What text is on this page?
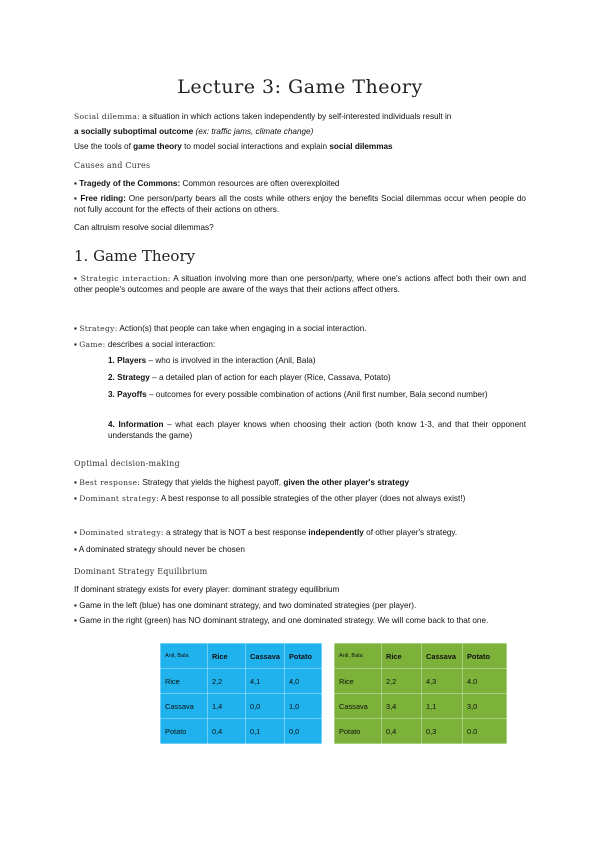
Lecture 3: Game Theory
Social dilemma: a situation in which actions taken independently by self-interested individuals result in
a socially suboptimal outcome (ex: traffic jams, climate change)
Use the tools of game theory to model social interactions and explain social dilemmas
Causes and Cures
▪ Tragedy of the Commons: Common resources are often overexploited
▪ Free riding: One person/party bears all the costs while others enjoy the benefits Social dilemmas occur when people do not fully account for the effects of their actions on others.
Can altruism resolve social dilemmas?
1. Game Theory
▪ Strategic interaction: A situation involving more than one person/party, where one's actions affect both their own and other people's outcomes and people are aware of the ways that their actions affect others.
▪ Strategy: Action(s) that people can take when engaging in a social interaction.
▪ Game: describes a social interaction:
1. Players – who is involved in the interaction (Anil, Bala)
2. Strategy – a detailed plan of action for each player (Rice, Cassava, Potato)
3. Payoffs – outcomes for every possible combination of actions (Anil first number, Bala second number)
4. Information – what each player knows when choosing their action (both know 1-3, and that their opponent understands the game)
Optimal decision-making
▪ Best response: Strategy that yields the highest payoff, given the other player's strategy
▪ Dominant strategy: A best response to all possible strategies of the other player (does not always exist!)
▪ Dominated strategy: a strategy that is NOT a best response independently of other player's strategy.
▪ A dominated strategy should never be chosen
Dominant Strategy Equilibrium
If dominant strategy exists for every player: dominant strategy equilibrium
▪ Game in the left (blue) has one dominant strategy, and two dominated strategies (per player).
▪ Game in the right (green) has NO dominant strategy, and one dominated strategy. We will come back to that one.
Anil, Bala	Rice	Cassava	Potato
Rice	2,2	4,1	4,0
Cassava	1,4	0,0	1,0
Potato	0,4	0,1	0,0
Anil, Bala	Rice	Cassava	Potato
Rice	2,2	4,3	4.0
Cassava	3,4	1,1	3,0
Potato	0,4	0,3	0.0
